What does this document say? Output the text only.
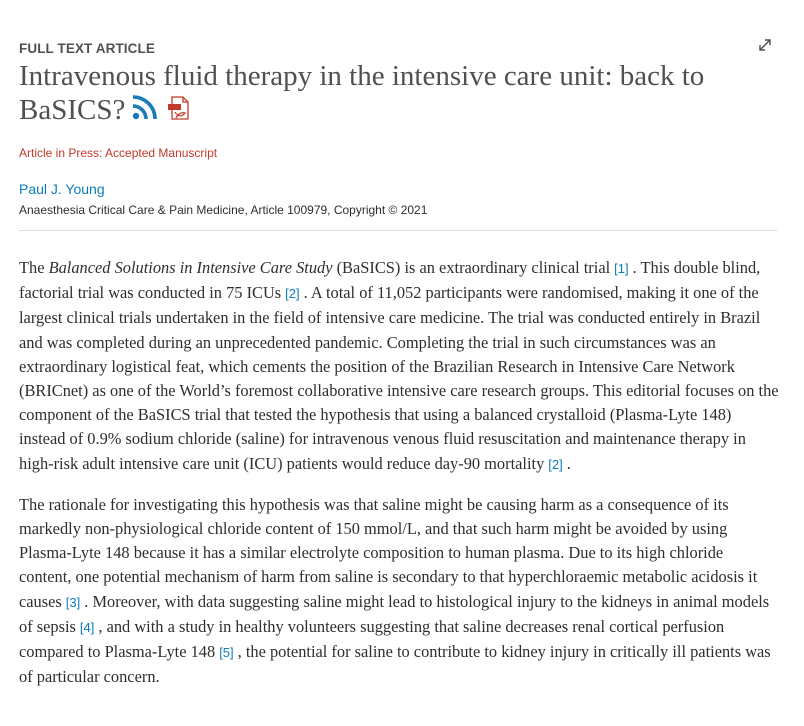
FULL TEXT ARTICLE
Intravenous fluid therapy in the intensive care unit: back to BaSICS?
Article in Press: Accepted Manuscript
Paul J. Young
Anaesthesia Critical Care & Pain Medicine, Article 100979, Copyright © 2021

The Balanced Solutions in Intensive Care Study (BaSICS) is an extraordinary clinical trial [1] . This double blind, factorial trial was conducted in 75 ICUs [2] . A total of 11,052 participants were randomised, making it one of the largest clinical trials undertaken in the field of intensive care medicine. The trial was conducted entirely in Brazil and was completed during an unprecedented pandemic. Completing the trial in such circumstances was an extraordinary logistical feat, which cements the position of the Brazilian Research in Intensive Care Network (BRICnet) as one of the World’s foremost collaborative intensive care research groups. This editorial focuses on the component of the BaSICS trial that tested the hypothesis that using a balanced crystalloid (Plasma-Lyte 148) instead of 0.9% sodium chloride (saline) for intravenous venous fluid resuscitation and maintenance therapy in high-risk adult intensive care unit (ICU) patients would reduce day-90 mortality [2] .

The rationale for investigating this hypothesis was that saline might be causing harm as a consequence of its markedly non-physiological chloride content of 150 mmol/L, and that such harm might be avoided by using Plasma-Lyte 148 because it has a similar electrolyte composition to human plasma. Due to its high chloride content, one potential mechanism of harm from saline is secondary to that hyperchloraemic metabolic acidosis it causes [3] . Moreover, with data suggesting saline might lead to histological injury to the kidneys in animal models of sepsis [4] , and with a study in healthy volunteers suggesting that saline decreases renal cortical perfusion compared to Plasma-Lyte 148 [5] , the potential for saline to contribute to kidney injury in critically ill patients was of particular concern.
